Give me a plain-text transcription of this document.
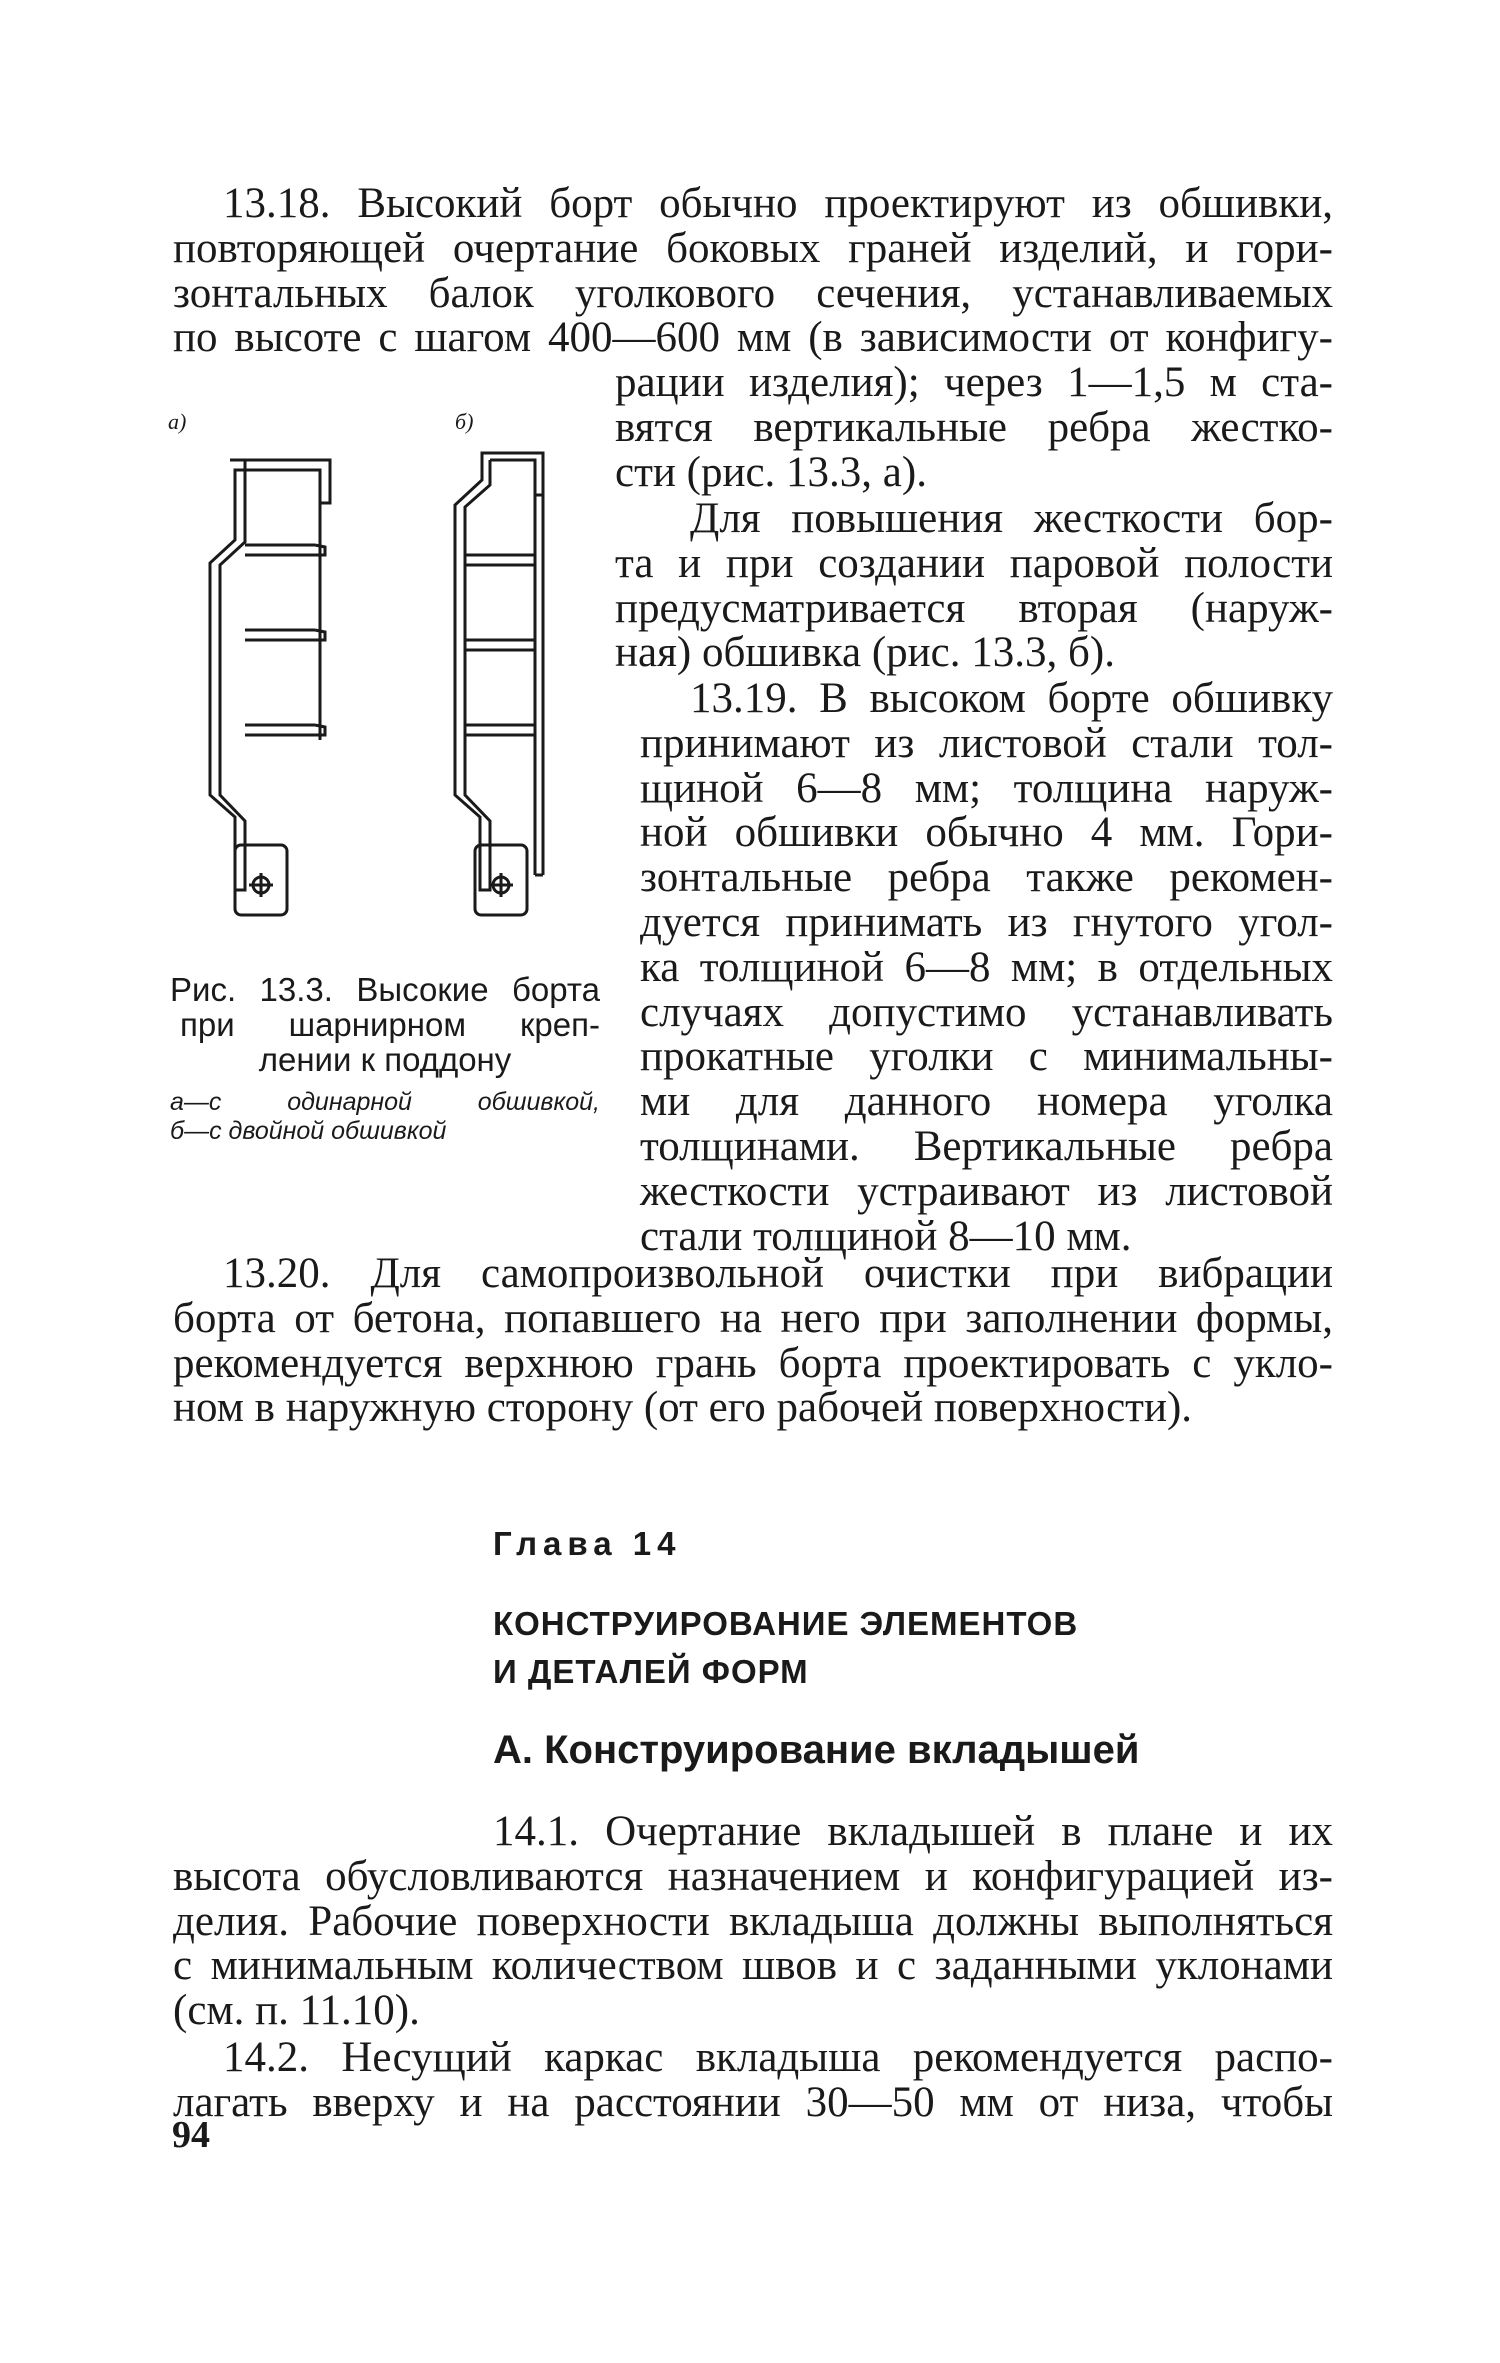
13.18. Высокий борт обычно проектируют из обшивки,
повторяющей очертание боковых граней изделий, и гори-
зонтальных балок уголкового сечения, устанавливаемых
по высоте с шагом 400—600 мм (в зависимости от конфигу-
рации изделия); через 1—1,5 м ста-
вятся вертикальные ребра жестко-
сти (рис. 13.3, а).
Для повышения жесткости бор-
та и при создании паровой полости
предусматривается вторая (наруж-
ная) обшивка (рис. 13.3, б).
13.19. В высоком борте обшивку
принимают из листовой стали тол-
щиной 6—8 мм; толщина наруж-
ной обшивки обычно 4 мм. Гори-
зонтальные ребра также рекомен-
дуется принимать из гнутого угол-
ка толщиной 6—8 мм; в отдельных
случаях допустимо устанавливать
прокатные уголки с минимальны-
ми для данного номера уголка
толщинами. Вертикальные ребра
жесткости устраивают из листовой
стали толщиной 8—10 мм.
а)	б)
Рис. 13.3. Высокие борта
при шарнирном креп-
лении к поддону
а—с одинарной обшивкой,
б—с двойной обшивкой
13.20. Для самопроизвольной очистки при вибрации
борта от бетона, попавшего на него при заполнении формы,
рекомендуется верхнюю грань борта проектировать с укло-
ном в наружную сторону (от его рабочей поверхности).
Глава 14
КОНСТРУИРОВАНИЕ ЭЛЕМЕНТОВ
И ДЕТАЛЕЙ ФОРМ
А. Конструирование вкладышей
14.1. Очертание вкладышей в плане и их
высота обусловливаются назначением и конфигурацией из-
делия. Рабочие поверхности вкладыша должны выполняться
с минимальным количеством швов и с заданными уклонами
(см. п. 11.10).
14.2. Несущий каркас вкладыша рекомендуется распо-
лагать вверху и на расстоянии 30—50 мм от низа, чтобы
94
